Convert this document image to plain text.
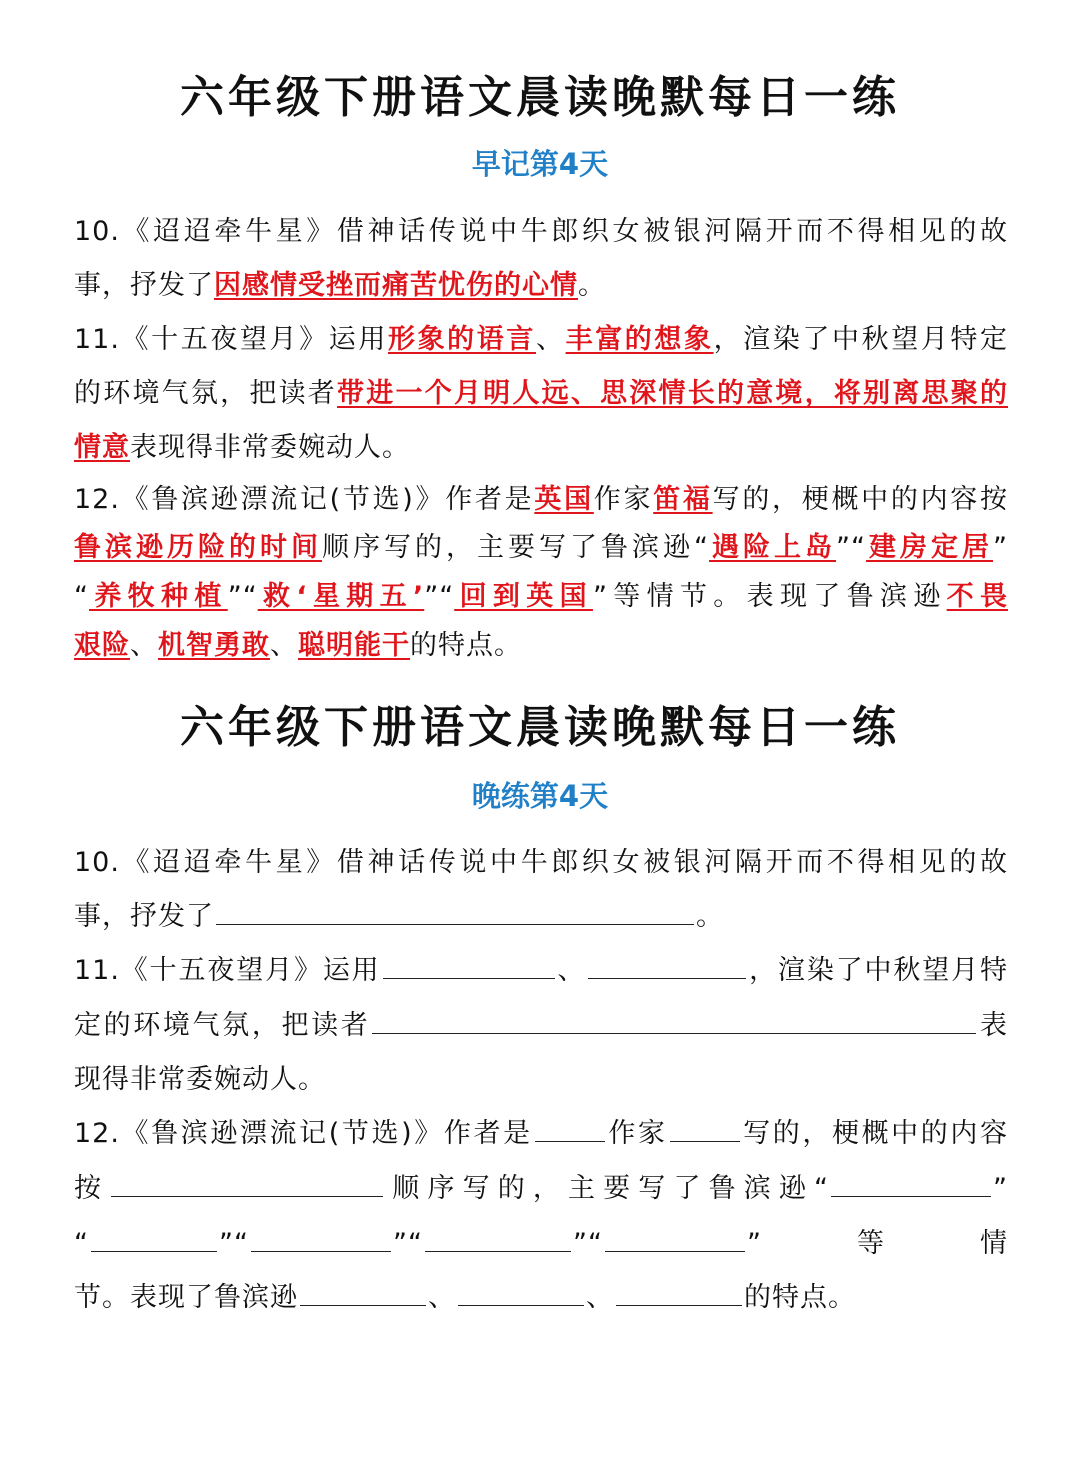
六年级下册语文晨读晚默每日一练
早记第4天
10.《迢迢牵牛星》借神话传说中牛郎织女被银河隔开而不得相见的故
事，抒发了因感情受挫而痛苦忧伤的心情。
11.《十五夜望月》运用形象的语言、丰富的想象，渲染了中秋望月特定
的环境气氛，把读者带进一个月明人远、思深情长的意境，将别离思聚的
情意表现得非常委婉动人。
12.《鲁滨逊漂流记(节选)》作者是英国作家笛福写的，梗概中的内容按
鲁滨逊历险的时间顺序写的，主要写了鲁滨逊“遇险上岛”“建房定居”
“养牧种植”“救‘星期五’”“回到英国”等情节。表现了鲁滨逊不畏
艰险、机智勇敢、聪明能干的特点。
六年级下册语文晨读晚默每日一练
晚练第4天
10.《迢迢牵牛星》借神话传说中牛郎织女被银河隔开而不得相见的故
事，抒发了	。
11.《十五夜望月》运用	、	，渲染了中秋望月特
定的环境气氛，把读者	表
现得非常委婉动人。
12.《鲁滨逊漂流记(节选)》作者是	作家	写的，梗概中的内容
按	顺序写的，主要写了鲁滨逊“	”
“	”“	”“	”“	”等情
节。表现了鲁滨逊	、	、	的特点。
